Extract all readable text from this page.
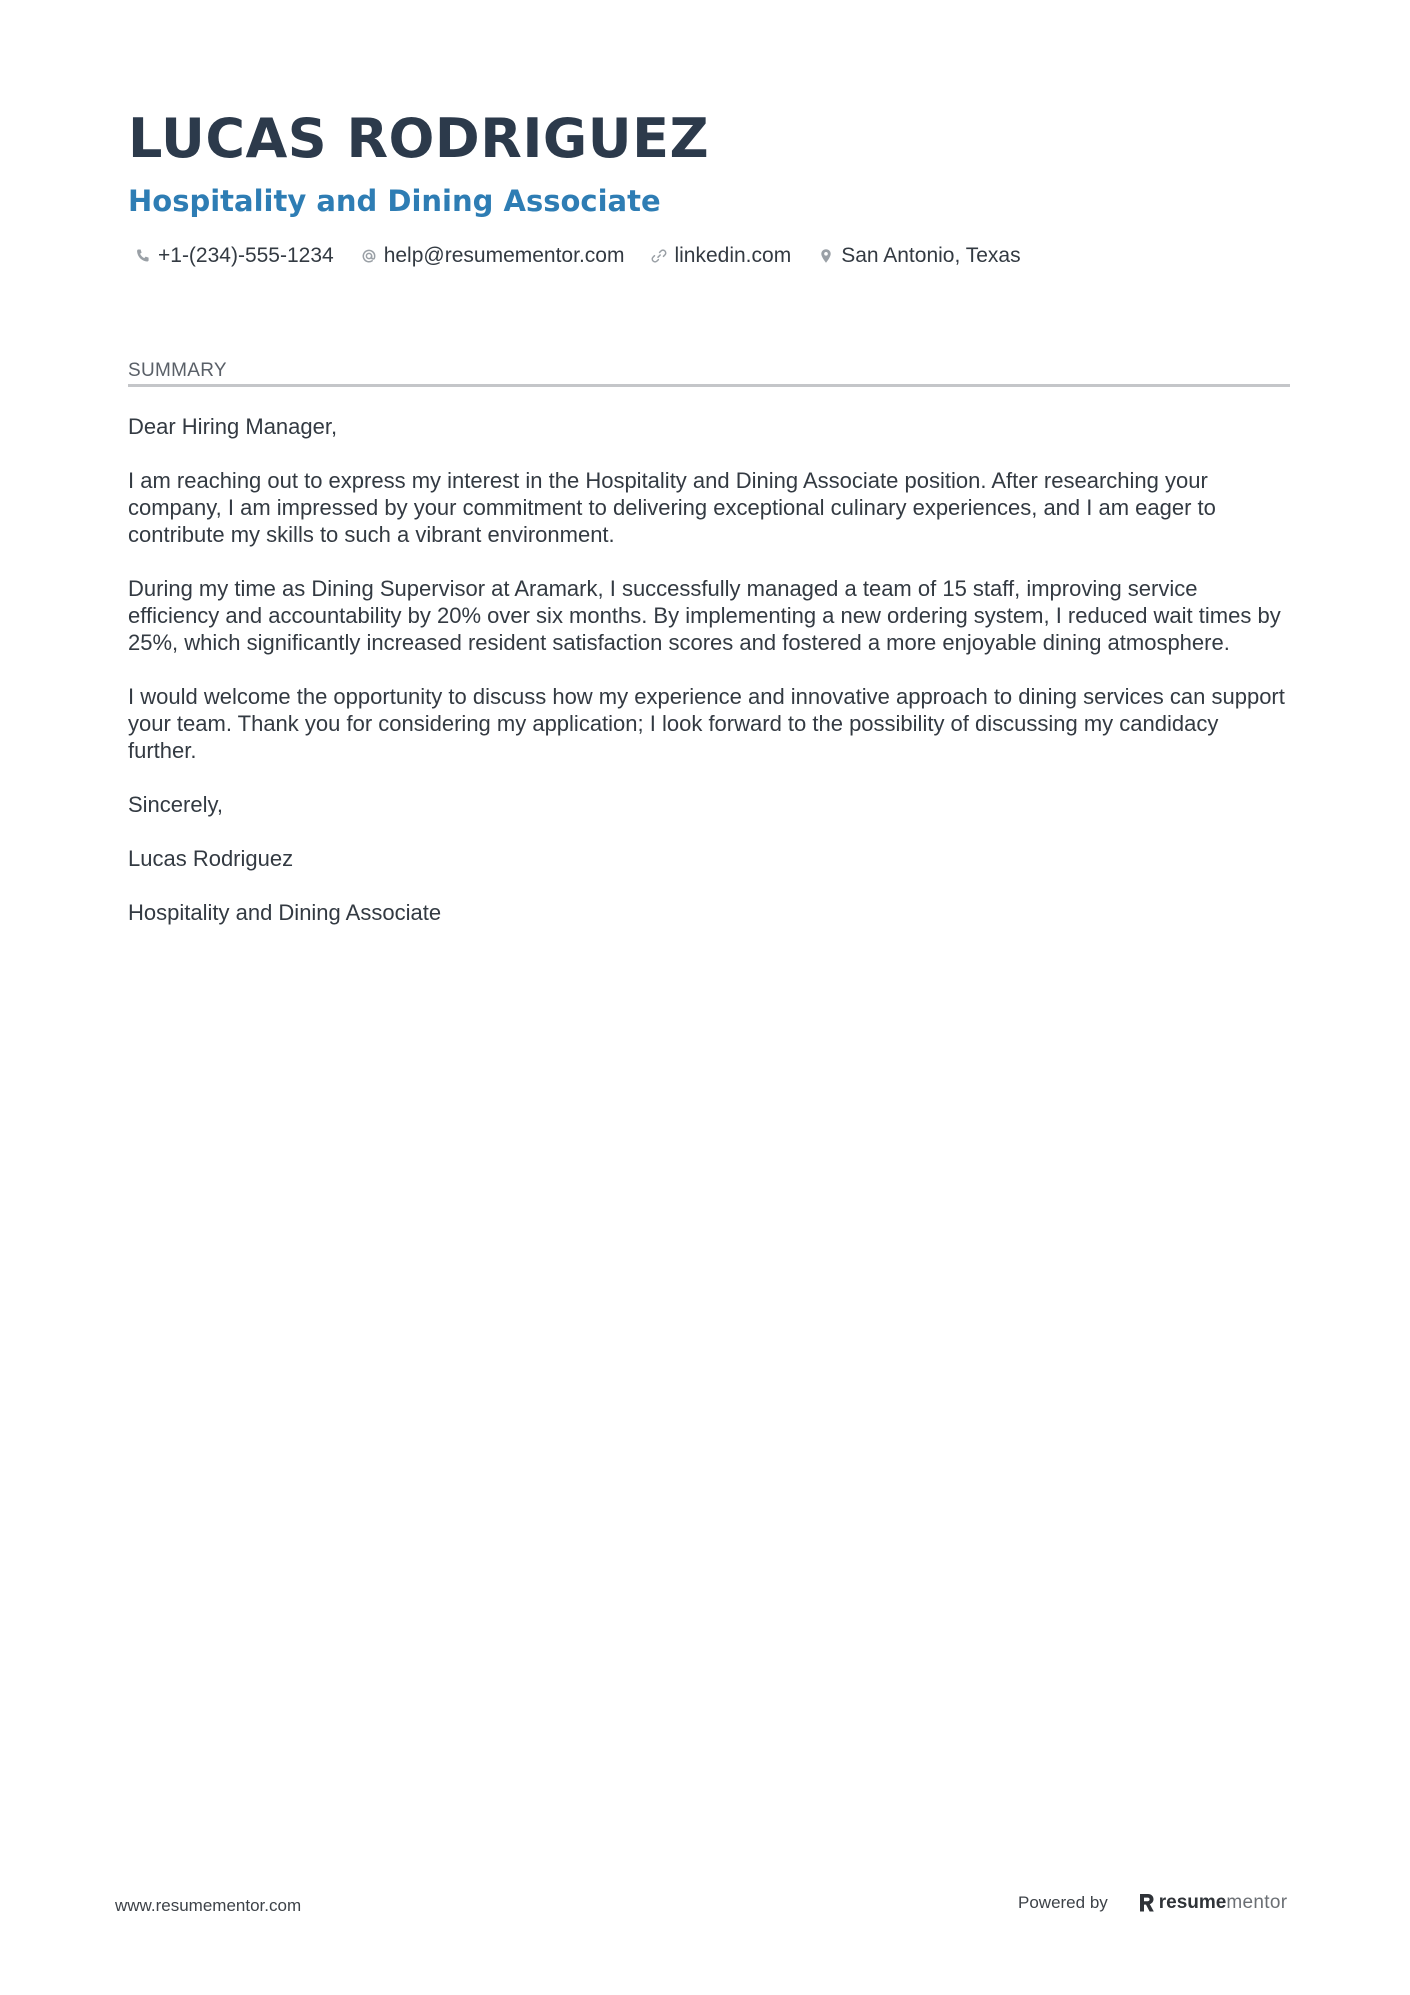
LUCAS RODRIGUEZ
Hospitality and Dining Associate
+1-(234)-555-1234 help@resumementor.com linkedin.com San Antonio, Texas
SUMMARY

Dear Hiring Manager,

I am reaching out to express my interest in the Hospitality and Dining Associate position. After researching your company, I am impressed by your commitment to delivering exceptional culinary experiences, and I am eager to contribute my skills to such a vibrant environment.

During my time as Dining Supervisor at Aramark, I successfully managed a team of 15 staff, improving service efficiency and accountability by 20% over six months. By implementing a new ordering system, I reduced wait times by 25%, which significantly increased resident satisfaction scores and fostered a more enjoyable dining atmosphere.

I would welcome the opportunity to discuss how my experience and innovative approach to dining services can support your team. Thank you for considering my application; I look forward to the possibility of discussing my candidacy further.

Sincerely,

Lucas Rodriguez

Hospitality and Dining Associate

www.resumementor.com	Powered by	resume mentor
